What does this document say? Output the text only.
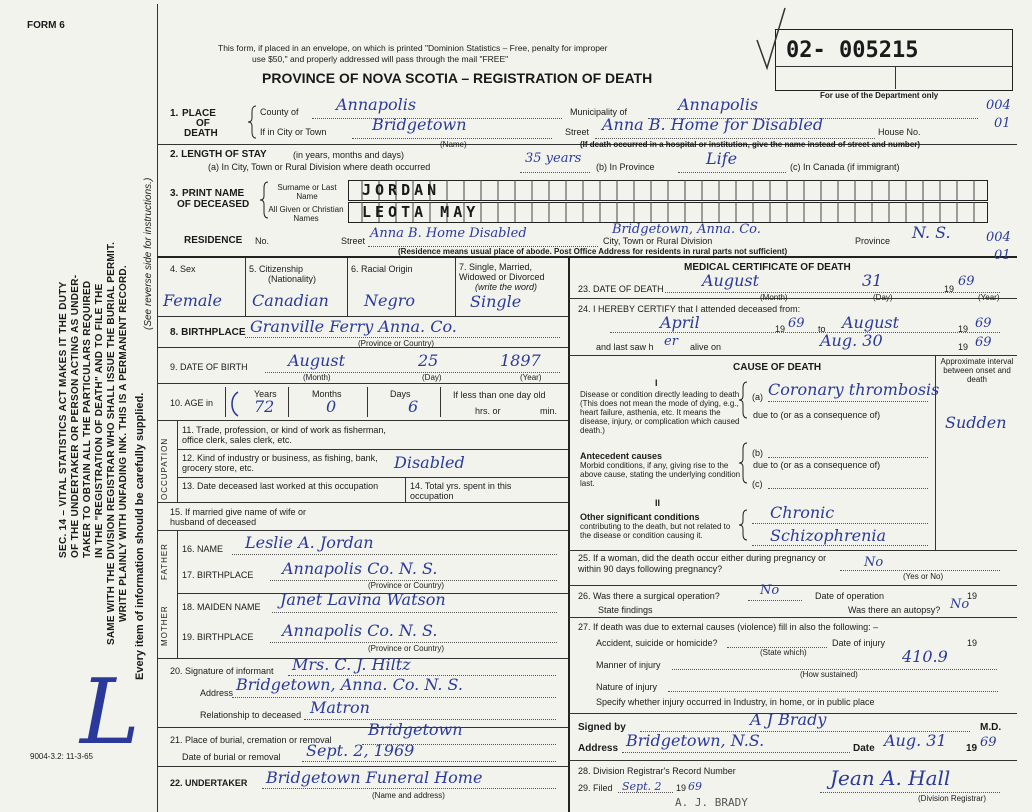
FORM 6
SEC. 14 – VITAL STATISTICS ACT MAKES IT THE DUTY OF THE UNDERTAKER OR PERSON ACTING AS UNDER- TAKER TO OBTAIN ALL THE PARTICULARS REQUIRED IN THE "REGISTRATION OF DEATH" AND TO FILE THE SAME WITH THE DIVISION REGISTRAR WHO SHALL ISSUE THE BURIAL PERMIT. WRITE PLAINLY WITH UNFADING INK. THIS IS A PERMANENT RECORD. Every item of information should be carefully supplied.
(See reverse side for instructions.)
9004-3.2: 11-3-65
L
This form, if placed in an envelope, on which is printed "Dominion Statistics – Free, penalty for improper
use $50," and properly addressed will pass through the mail "FREE"
PROVINCE OF NOVA SCOTIA – REGISTRATION OF DEATH
02- 005215
For use of the Department only
004
01
004
01
1. PLACE
OF
DEATH
County of Annapolis	Municipality of	Annapolis
If in City or Town	Bridgetown
(Name)
Street Anna B. Home for Disabled	House No.
(If death occurred in a hospital or institution, give the name instead of street and number)
2. LENGTH OF STAY	(in years, months and days)
(a) In City, Town or Rural Division where death occurred
35 years
(b) In Province	Life	(c) In Canada (if immigrant)
3. PRINT NAME
OF DECEASED
Surname or Last Name
All Given or Christian Names
JORDAN
LEOTA MAY
RESIDENCE No.	Street Anna B. Home Disabled	City, Town or Rural Division
Bridgetown, Anna. Co.
Province N. S.
(Residence means usual place of abode. Post Office Address for residents in rural parts not sufficient)
4. Sex
Female
5. Citizenship
(Nationality)
Canadian
6. Racial Origin
Negro
7. Single, Married, Widowed or Divorced
(write the word)
Single
8. BIRTHPLACE Granville Ferry Anna. Co.
(Province or Country)
9. DATE OF BIRTH	August	25	1897
(Month)	(Day)	(Year)
10. AGE in
Years	Months	Days
72	0	6
If less than one day old
hrs. or	min.
OCCUPATION
11. Trade, profession, or kind of work as fisherman, office clerk, sales clerk, etc.
12. Kind of industry or business, as fishing, bank, grocery store, etc.	Disabled
13. Date deceased last worked at this occupation	14. Total yrs. spent in this occupation
15. If married give name of wife or husband of deceased
FATHER 16. NAME Leslie A. Jordan
17. BIRTHPLACE Annapolis Co. N. S.
(Province or Country)
MOTHER 18. MAIDEN NAME Janet Lavina Watson
19. BIRTHPLACE Annapolis Co. N. S.
(Province or Country)
20. Signature of informant Mrs. C. J. Hiltz
Address Bridgetown, Anna. Co. N. S.
Relationship to deceased Matron
21. Place of burial, cremation or removal
Bridgetown
Date of burial or removal Sept. 2, 1969
22. UNDERTAKER Bridgetown Funeral Home
(Name and address)
MEDICAL CERTIFICATE OF DEATH
23. DATE OF DEATH August	31	19 69
(Month)	(Day)	(Year)
24. I HEREBY CERTIFY that I attended deceased from:
April	19 69 to August	19 69
and last saw h er alive on	Aug. 30	19 69
CAUSE OF DEATH
Approximate interval between onset and death
I
Disease or condition directly leading to death (This does not mean the mode of dying, e.g., heart failure, asthenia, etc. It means the disease, injury, or complication which caused death.)
(a) Coronary thrombosis
Sudden
due to (or as a consequence of)
Antecedent causes
Morbid conditions, if any, giving rise to the above cause, stating the underlying condition last.
(b)
due to (or as a consequence of)
(c)
II
Other significant conditions
contributing to the death, but not related to the disease or condition causing it.
Chronic
Schizophrenia
25. If a woman, did the death occur either during pregnancy or within 90 days following pregnancy?	No
(Yes or No)
26. Was there a surgical operation?	No	Date of operation	19
State findings	Was there an autopsy? No
27. If death was due to external causes (violence) fill in also the following: –
Accident, suicide or homicide?
(State which)
Date of injury	19
Manner of injury	410.9
(How sustained)
Nature of injury
Specify whether injury occurred in Industry, in home, or in public place
Signed by	A J Brady	M.D.
Address Bridgetown, N.S.	Date Aug. 31 19 69
28. Division Registrar's Record Number
29. Filed Sept. 2 19 69	Jean A. Hall
(Division Registrar)
A. J. BRADY
